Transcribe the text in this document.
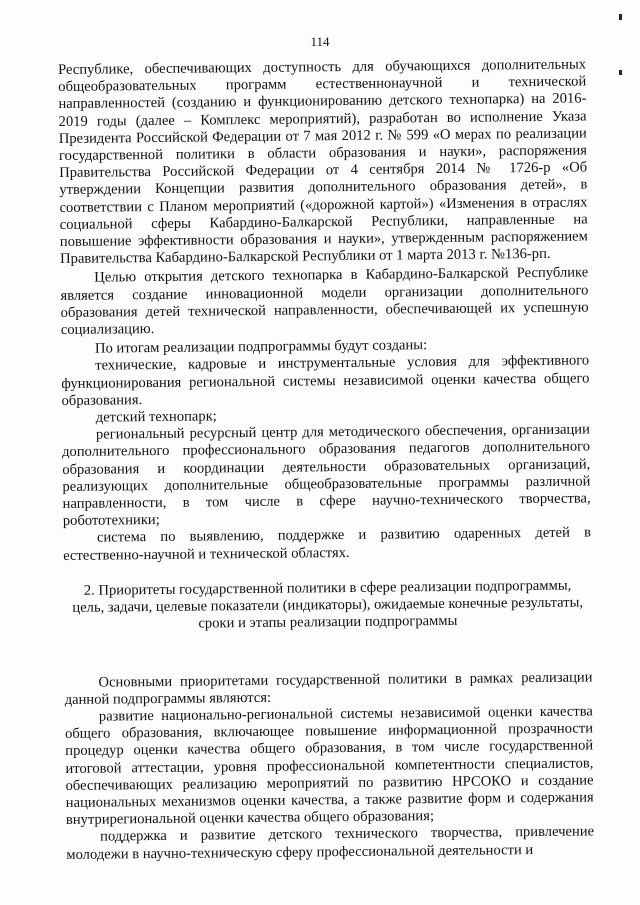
114

Республике, обеспечивающих доступность для обучающихся дополнительных общеобразовательных программ естественнонаучной и технической направленностей (созданию и функционированию детского технопарка) на 2016-2019 годы (далее – Комплекс мероприятий), разработан во исполнение Указа Президента Российской Федерации от 7 мая 2012 г. № 599 «О мерах по реализации государственной политики в области образования и науки», распоряжения Правительства Российской Федерации от 4 сентября 2014 № 1726-р «Об утверждении Концепции развития дополнительного образования детей», в соответствии с Планом мероприятий («дорожной картой») «Изменения в отраслях социальной сферы Кабардино-Балкарской Республики, направленные на повышение эффективности образования и науки», утвержденным распоряжением Правительства Кабардино-Балкарской Республики от 1 марта 2013 г. №136-рп.

Целью открытия детского технопарка в Кабардино-Балкарской Республике является создание инновационной модели организации дополнительного образования детей технической направленности, обеспечивающей их успешную социализацию.

По итогам реализации подпрограммы будут созданы:

технические, кадровые и инструментальные условия для эффективного функционирования региональной системы независимой оценки качества общего образования.

детский технопарк;

региональный ресурсный центр для методического обеспечения, организации дополнительного профессионального образования педагогов дополнительного образования и координации деятельности образовательных организаций, реализующих дополнительные общеобразовательные программы различной направленности, в том числе в сфере научно-технического творчества, робототехники;

система по выявлению, поддержке и развитию одаренных детей в естественно-научной и технической областях.

2. Приоритеты государственной политики в сфере реализации подпрограммы,
цель, задачи, целевые показатели (индикаторы), ожидаемые конечные результаты,
сроки и этапы реализации подпрограммы

Основными приоритетами государственной политики в рамках реализации данной подпрограммы являются:

развитие национально-региональной системы независимой оценки качества общего образования, включающее повышение информационной прозрачности процедур оценки качества общего образования, в том числе государственной итоговой аттестации, уровня профессиональной компетентности специалистов, обеспечивающих реализацию мероприятий по развитию НРСОКО и создание национальных механизмов оценки качества, а также развитие форм и содержания внутрирегиональной оценки качества общего образования;

поддержка и развитие детского технического творчества, привлечение молодежи в научно-техническую сферу профессиональной деятельности и
